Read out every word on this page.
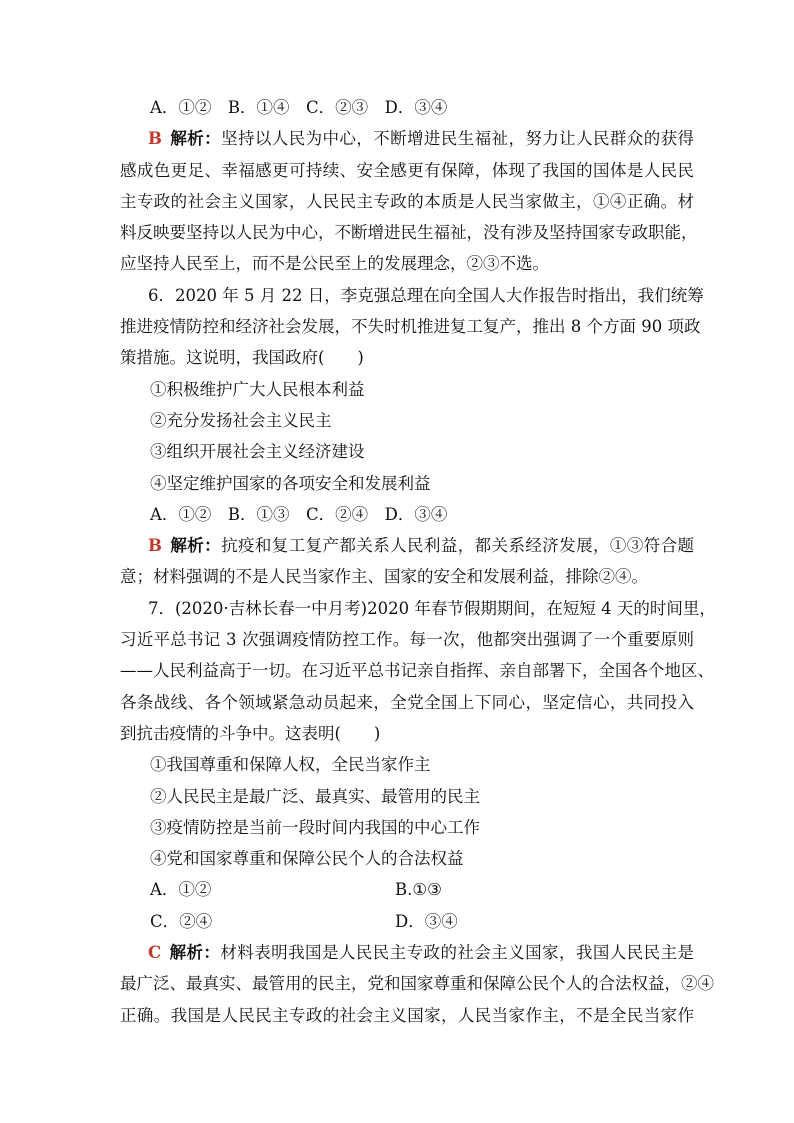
A．①②　B．①④　C．②③　D．③④
B 解析：坚持以人民为中心，不断增进民生福祉，努力让人民群众的获得
感成色更足、幸福感更可持续、安全感更有保障，体现了我国的国体是人民民
主专政的社会主义国家，人民民主专政的本质是人民当家做主，①④正确。材
料反映要坚持以人民为中心，不断增进民生福祉，没有涉及坚持国家专政职能，
应坚持人民至上，而不是公民至上的发展理念，②③不选。
6．2020 年 5 月 22 日，李克强总理在向全国人大作报告时指出，我们统筹
推进疫情防控和经济社会发展，不失时机推进复工复产，推出 8 个方面 90 项政
策措施。这说明，我国政府(　　)
①积极维护广大人民根本利益
②充分发扬社会主义民主
③组织开展社会主义经济建设
④坚定维护国家的各项安全和发展利益
A．①②　B．①③　C．②④　D．③④
B 解析：抗疫和复工复产都关系人民利益，都关系经济发展，①③符合题
意；材料强调的不是人民当家作主、国家的安全和发展利益，排除②④。
7．(2020·吉林长春一中月考)2020 年春节假期期间，在短短 4 天的时间里，
习近平总书记 3 次强调疫情防控工作。每一次，他都突出强调了一个重要原则
——人民利益高于一切。在习近平总书记亲自指挥、亲自部署下，全国各个地区、
各条战线、各个领域紧急动员起来，全党全国上下同心，坚定信心，共同投入
到抗击疫情的斗争中。这表明(　　)
①我国尊重和保障人权，全民当家作主
②人民民主是最广泛、最真实、最管用的民主
③疫情防控是当前一段时间内我国的中心工作
④党和国家尊重和保障公民个人的合法权益
A．①②	B.①③
C．②④	D．③④
C 解析：材料表明我国是人民民主专政的社会主义国家，我国人民民主是
最广泛、最真实、最管用的民主，党和国家尊重和保障公民个人的合法权益，②④
正确。我国是人民民主专政的社会主义国家，人民当家作主，不是全民当家作
